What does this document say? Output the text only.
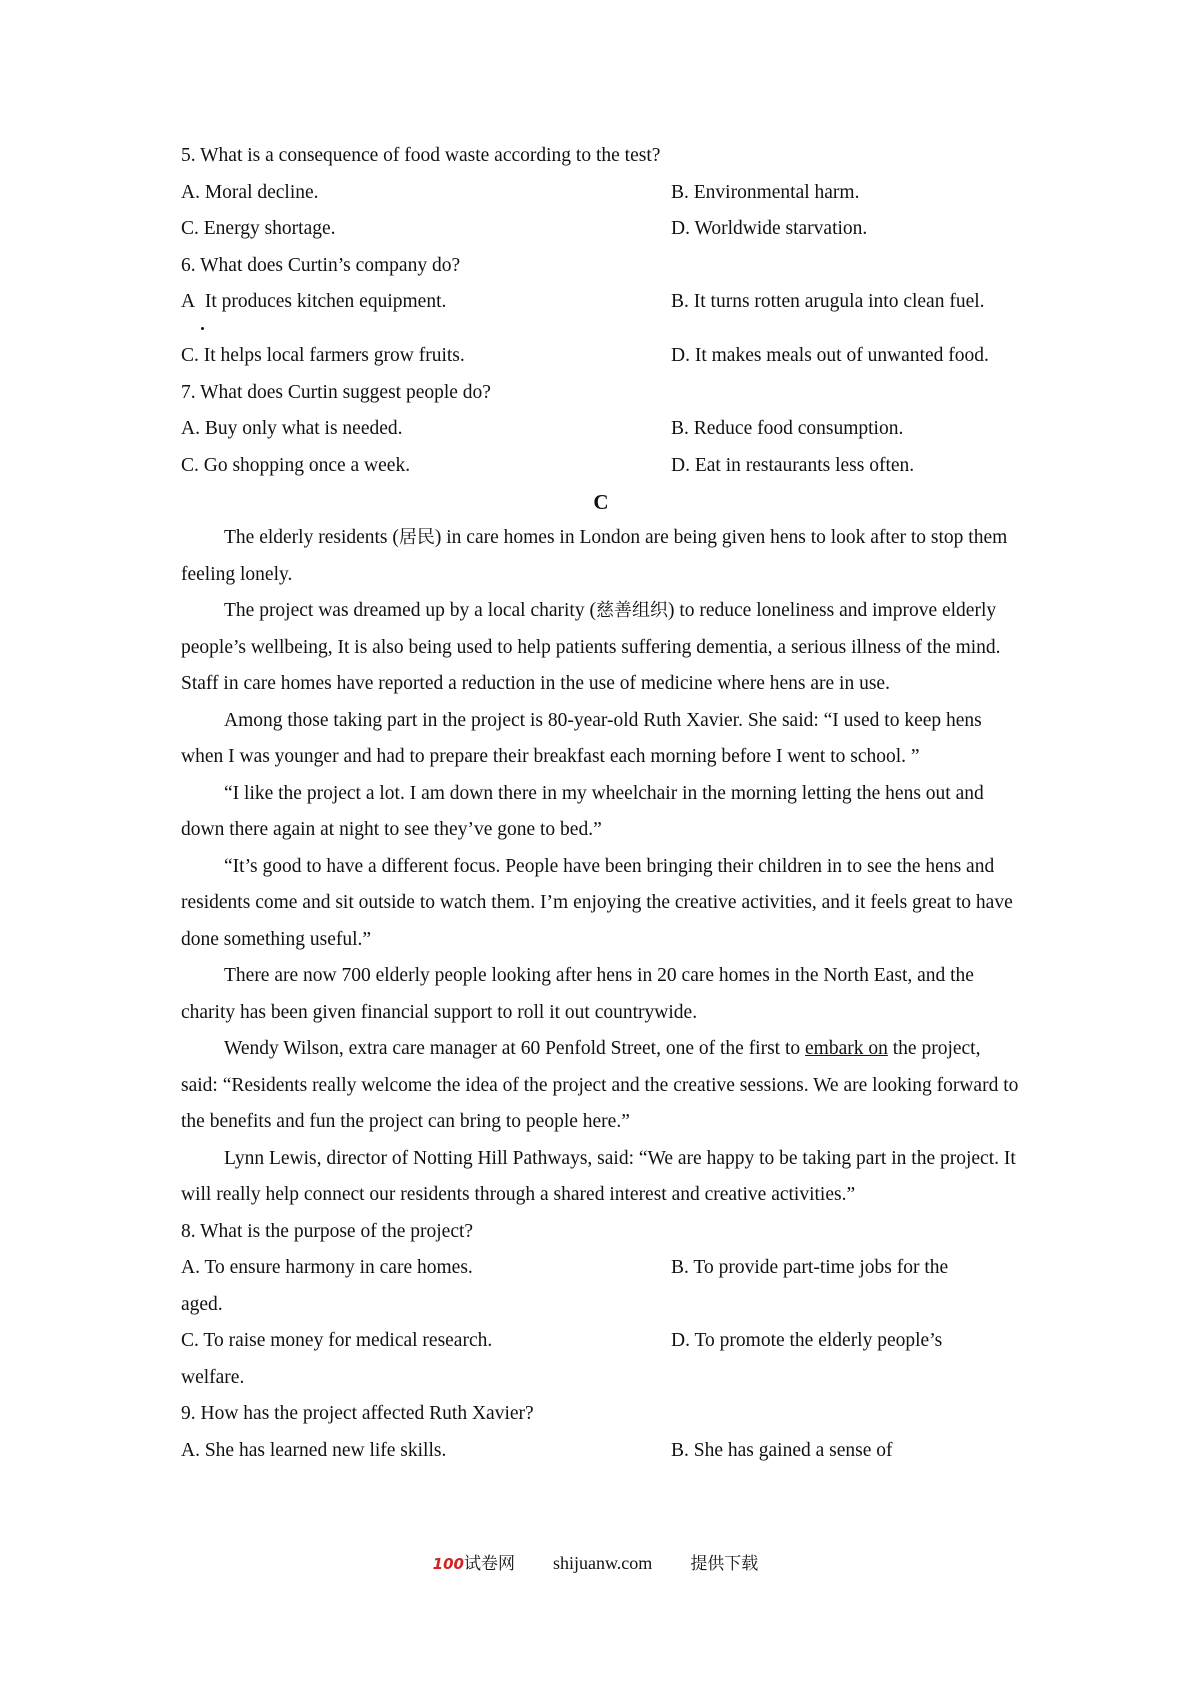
5. What is a consequence of food waste according to the test?

A. Moral decline.	B. Environmental harm.

C. Energy shortage.	D. Worldwide starvation.

6. What does Curtin’s company do?

A It produces kitchen equipment.	B. It turns rotten arugula into clean fuel.

C. It helps local farmers grow fruits.	D. It makes meals out of unwanted food.

7. What does Curtin suggest people do?

A. Buy only what is needed.	B. Reduce food consumption.

C. Go shopping once a week.	D. Eat in restaurants less often.

C

The elderly residents (居民) in care homes in London are being given hens to look after to stop them feeling lonely.

The project was dreamed up by a local charity (慈善组织) to reduce loneliness and improve elderly people’s wellbeing, It is also being used to help patients suffering dementia, a serious illness of the mind. Staff in care homes have reported a reduction in the use of medicine where hens are in use.

Among those taking part in the project is 80-year-old Ruth Xavier. She said: “I used to keep hens when I was younger and had to prepare their breakfast each morning before I went to school. ”

“I like the project a lot. I am down there in my wheelchair in the morning letting the hens out and down there again at night to see they’ve gone to bed.”

“It’s good to have a different focus. People have been bringing their children in to see the hens and residents come and sit outside to watch them. I’m enjoying the creative activities, and it feels great to have done something useful.”

There are now 700 elderly people looking after hens in 20 care homes in the North East, and the charity has been given financial support to roll it out countrywide.

Wendy Wilson, extra care manager at 60 Penfold Street, one of the first to embark on the project, said: “Residents really welcome the idea of the project and the creative sessions. We are looking forward to the benefits and fun the project can bring to people here.”

Lynn Lewis, director of Notting Hill Pathways, said: “We are happy to be taking part in the project. It will really help connect our residents through a shared interest and creative activities.”

8. What is the purpose of the project?

A. To ensure harmony in care homes.	B. To provide part-time jobs for the

aged.

C. To raise money for medical research.	D. To promote the elderly people’s

welfare.

9. How has the project affected Ruth Xavier?

A. She has learned new life skills.	B. She has gained a sense of

100试卷网 shijuanw.com 提供下载
